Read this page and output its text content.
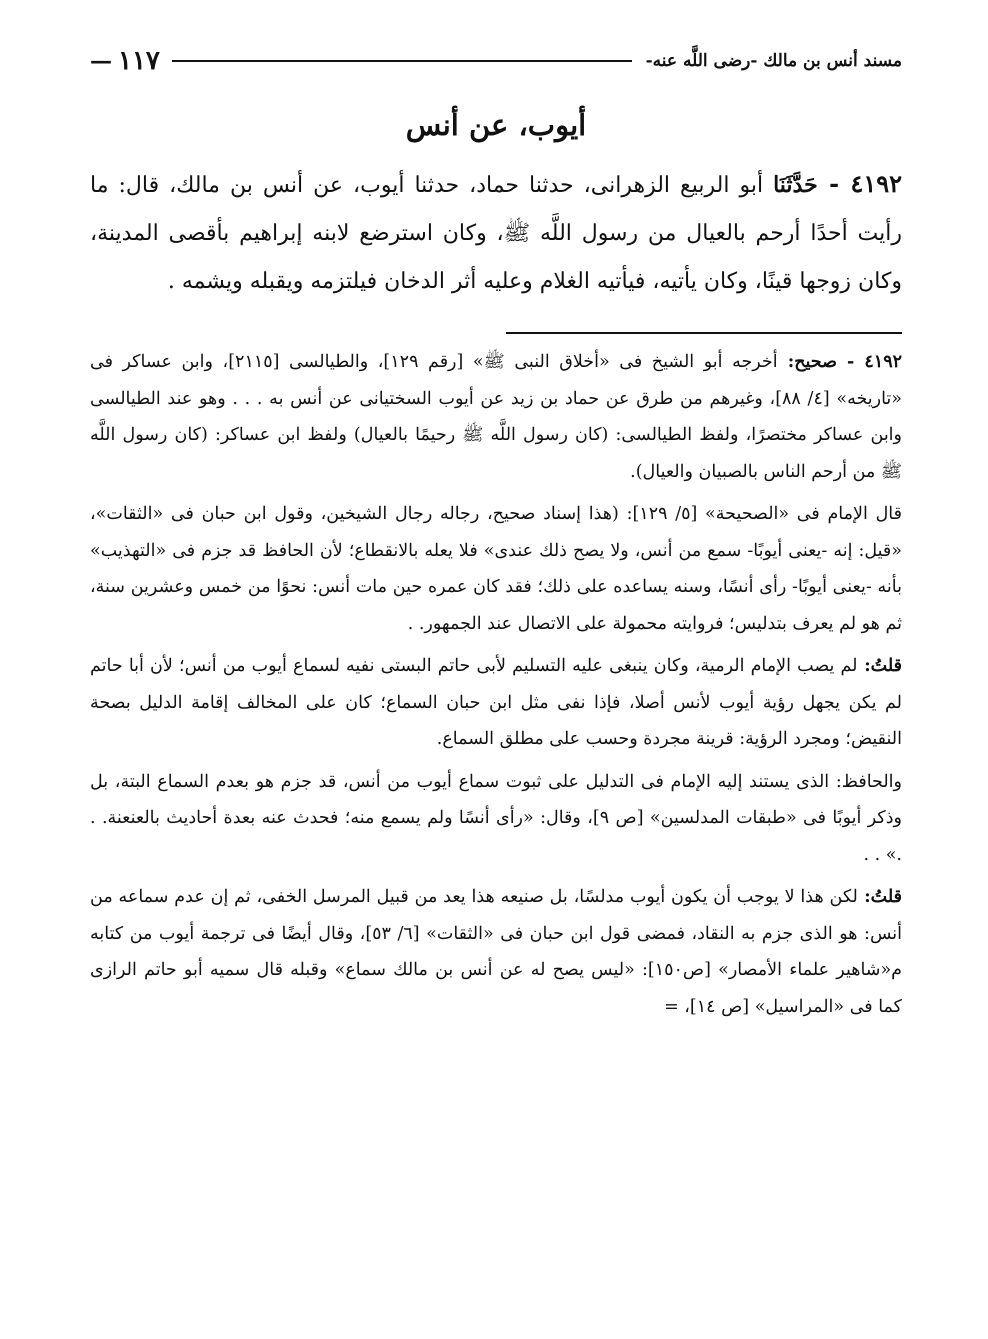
مسند أنس بن مالك -رضى اللَّه عنه-
١١٧
—
أيوب، عن أنس
٤١٩٢ - حَدَّثَنَا أبو الربيع الزهرانى، حدثنا حماد، حدثنا أيوب، عن أنس بن مالك، قال: ما رأيت أحدًا أرحم بالعيال من رسول اللَّه ﷺ، وكان استرضع لابنه إبراهيم بأقصى المدينة، وكان زوجها قينًا، وكان يأتيه، فيأتيه الغلام وعليه أثر الدخان فيلتزمه ويقبله ويشمه .

٤١٩٢ - صحيح: أخرجه أبو الشيخ فى «أخلاق النبى ﷺ» [رقم ١٢٩]، والطيالسى [٢١١٥]، وابن عساكر فى «تاريخه» [٤/ ٨٨]، وغيرهم من طرق عن حماد بن زيد عن أيوب السختيانى عن أنس به . . . وهو عند الطيالسى وابن عساكر مختصرًا، ولفظ الطيالسى: (كان رسول اللَّه ﷺ رحيمًا بالعيال) ولفظ ابن عساكر: (كان رسول اللَّه ﷺ من أرحم الناس بالصبيان والعيال).

قال الإمام فى «الصحيحة» [٥/ ١٢٩]: (هذا إسناد صحيح، رجاله رجال الشيخين، وقول ابن حبان فى «الثقات»، «قيل: إنه -يعنى أيوبًا- سمع من أنس، ولا يصح ذلك عندى» فلا يعله بالانقطاع؛ لأن الحافظ قد جزم فى «التهذيب» بأنه -يعنى أيوبًا- رأى أنسًا، وسنه يساعده على ذلك؛ فقد كان عمره حين مات أنس: نحوًا من خمس وعشرين سنة، ثم هو لم يعرف بتدليس؛ فروايته محمولة على الاتصال عند الجمهور. .

قلتُ: لم يصب الإمام الرمية، وكان ينبغى عليه التسليم لأبى حاتم البستى نفيه لسماع أيوب من أنس؛ لأن أبا حاتم لم يكن يجهل رؤية أيوب لأنس أصلا، فإذا نفى مثل ابن حبان السماع؛ كان على المخالف إقامة الدليل بصحة النقيض؛ ومجرد الرؤية: قرينة مجردة وحسب على مطلق السماع.

والحافظ: الذى يستند إليه الإمام فى التدليل على ثبوت سماع أيوب من أنس، قد جزم هو بعدم السماع البتة، بل وذكر أيوبًا فى «طبقات المدلسين» [ص ٩]، وقال: «رأى أنسًا ولم يسمع منه؛ فحدث عنه بعدة أحاديث بالعنعنة. . .» . .

قلتُ: لكن هذا لا يوجب أن يكون أيوب مدلسًا، بل صنيعه هذا يعد من قبيل المرسل الخفى، ثم إن عدم سماعه من أنس: هو الذى جزم به النقاد، فمضى قول ابن حبان فى «الثقات» [٦/ ٥٣]، وقال أيضًا فى ترجمة أيوب من كتابه م«شاهير علماء الأمصار» [ص١٥٠]: «ليس يصح له عن أنس بن مالك سماع» وقبله قال سميه أبو حاتم الرازى كما فى «المراسيل» [ص ١٤]، =
